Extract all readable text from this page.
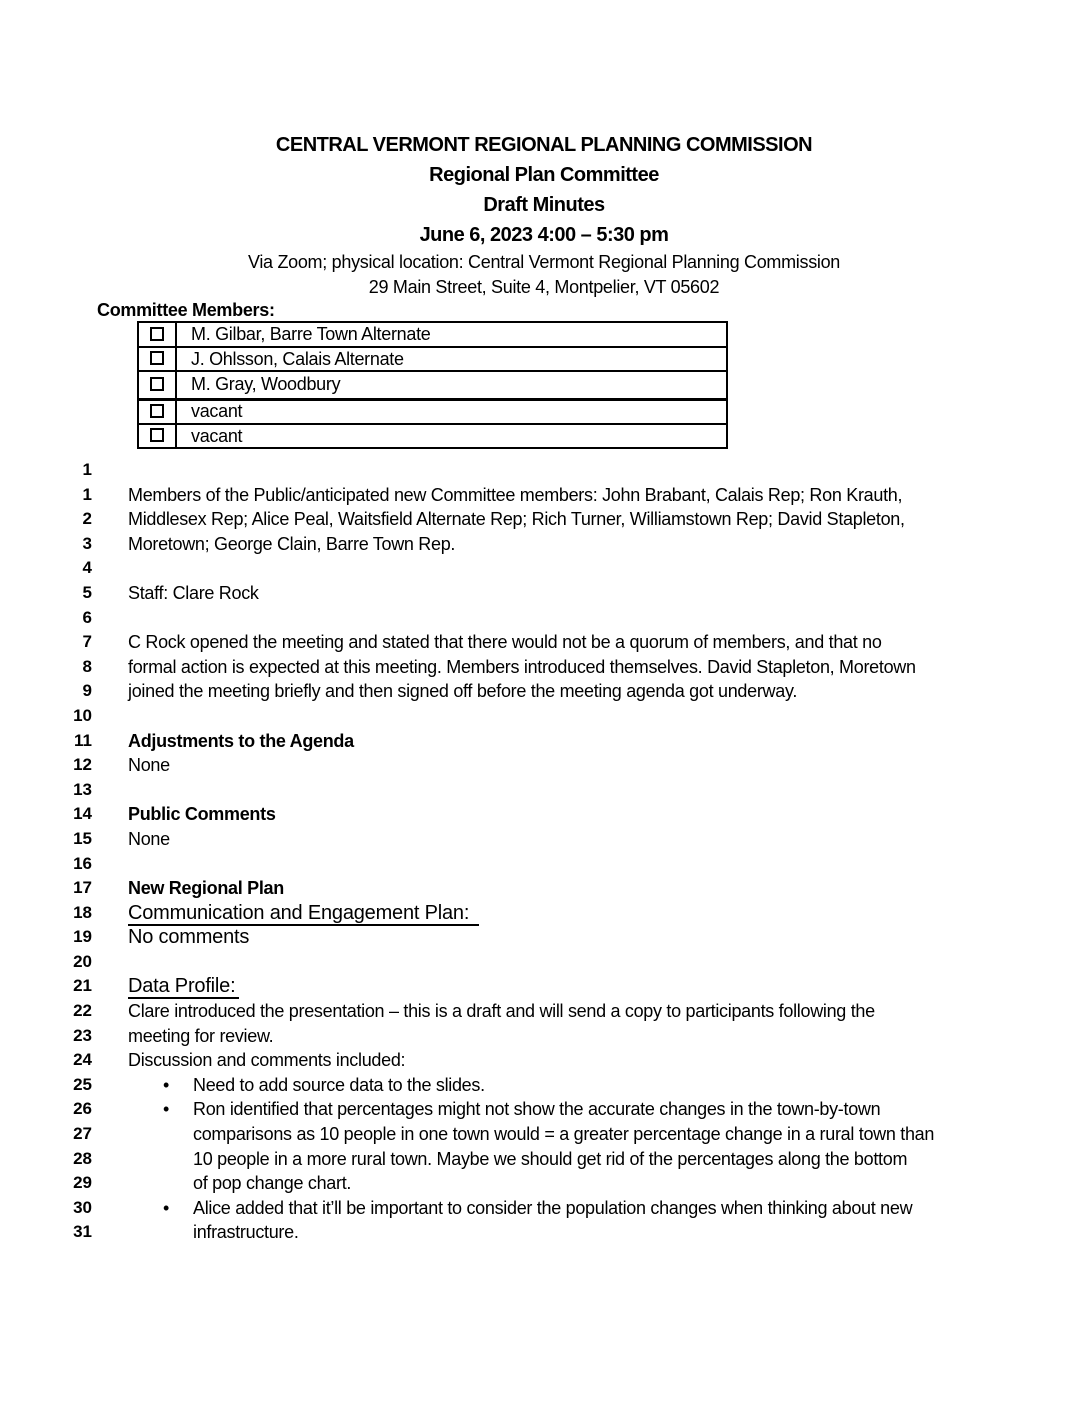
CENTRAL VERMONT REGIONAL PLANNING COMMISSION
Regional Plan Committee
Draft Minutes
June 6, 2023 4:00 – 5:30 pm
Via Zoom; physical location: Central Vermont Regional Planning Commission
29 Main Street, Suite 4, Montpelier, VT 05602
Committee Members:
	M. Gilbar, Barre Town Alternate
	J. Ohlsson, Calais Alternate
	M. Gray, Woodbury
	vacant
	vacant
1
1 Members of the Public/anticipated new Committee members: John Brabant, Calais Rep; Ron Krauth,
2 Middlesex Rep; Alice Peal, Waitsfield Alternate Rep; Rich Turner, Williamstown Rep; David Stapleton,
3 Moretown; George Clain, Barre Town Rep.
4
5 Staff: Clare Rock
6
7 C Rock opened the meeting and stated that there would not be a quorum of members, and that no
8 formal action is expected at this meeting. Members introduced themselves. David Stapleton, Moretown
9 joined the meeting briefly and then signed off before the meeting agenda got underway.
10
11 Adjustments to the Agenda
12 None
13
14 Public Comments
15 None
16
17 New Regional Plan
18 Communication and Engagement Plan:
19 No comments
20
21 Data Profile:
22 Clare introduced the presentation – this is a draft and will send a copy to participants following the
23 meeting for review.
24 Discussion and comments included:
25	• Need to add source data to the slides.
26	• Ron identified that percentages might not show the accurate changes in the town-by-town
27	comparisons as 10 people in one town would = a greater percentage change in a rural town than
28	10 people in a more rural town. Maybe we should get rid of the percentages along the bottom
29	of pop change chart.
30	• Alice added that it’ll be important to consider the population changes when thinking about new
31	infrastructure.
